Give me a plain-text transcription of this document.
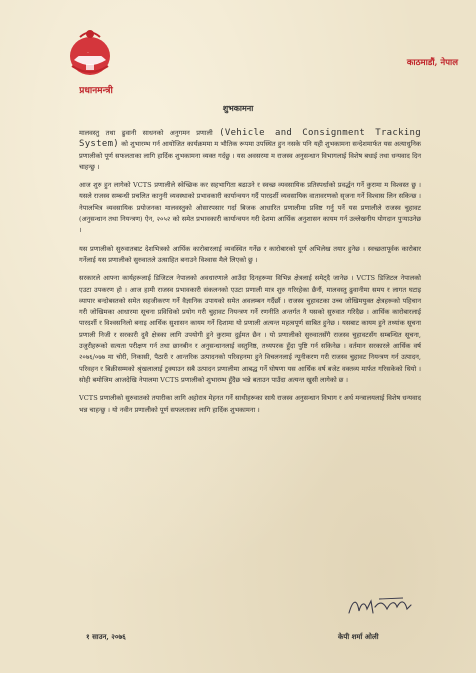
प्रधानमन्त्री
काठमाडौं, नेपाल
शुभकामना

मालवस्तु तथा ढुवानी साधनको अनुगमन प्रणाली (Vehicle and Consignment Tracking System) को शुभारम्भ गर्न आयोजित कार्यक्रममा म भौतिक रूपमा उपस्थित हुन नसके पनि यही शुभकामना सन्देशमार्फत यस अत्याधुनिक प्रणालीको पूर्ण सफलताका लागि हार्दिक शुभकामना व्यक्त गर्दछु । यस अवसरमा म राजस्व अनुसन्धान विभागलाई विशेष बधाई तथा धन्यवाद दिन चाहन्छु ।

आज शुरु हुन लागेको VCTS प्रणालीले स्वेच्छिक कर सहभागिता बढाउने र स्वच्छ व्यवसायिक प्रतिस्पर्धाको प्रवर्द्धन गर्ने कुरामा म विश्वस्त छु । यसले राजस्व सम्बन्धी प्रचलित कानुनी व्यवस्थाको प्रभावकारी कार्यान्वयन गर्दै पारदर्शी व्यवसायिक वातावरणको सृजना गर्ने विश्वास लिन सकिन्छ । नेपालभित्र व्यवसायिक प्रयोजनका मालवस्तुको ओसारपसार गर्दा बिजक आधारित प्रणालीमा प्रविष्ट गर्नु पर्ने यस प्रणालीले राजस्व चुहावट (अनुसन्धान तथा नियन्त्रण) ऐन, २०५२ को समेत प्रभावकारी कार्यान्वयन गरी देशमा आर्थिक अनुशासन कायम गर्न उल्लेखनीय योगदान पुऱ्याउनेछ ।

यस प्रणालीको सुरुवातबाट देशभित्रको आर्थिक कारोबारलाई व्यवस्थित गर्नेछ र कारोबारको पूर्ण अभिलेख तयार हुनेछ । स्वच्छतापूर्वक कारोबार गर्नेलाई यस प्रणालीको सुरुवातले उत्साहित बनाउने विश्वास मैले लिएको छु ।

सरकारले आफ्ना कार्यहरूलाई डिजिटल नेपालको अवधारणाले आउँदा दिनहरूमा विभिन्न क्षेत्रलाई समेट्दै जानेछ । VCTS डिजिटल नेपालको एउटा उपकरण हो । आज हामी राजस्व प्रभावकारी संकलनको एउटा प्रणाली मात्र शुरु गरिरहेका छैनौं, मालवस्तु ढुवानीमा समय र लागत घटाइ व्यापार बन्दोबस्तको समेत सहजीकरण गर्ने वैज्ञानिक उपायको समेत अवलम्बन गर्दैछौं । राजस्व चुहावटका उच्च जोखिमयुक्त क्षेत्रहरूको पहिचान गरी जोखिमका आधारमा सूचना प्रविधिको प्रयोग गरी चुहावट नियन्त्रण गर्ने रणनीति अन्तर्गत नै यसको सुरुवात गरिदैछ । आर्थिक कारोबारलाई पारदर्शी र विश्वसनिलो बनाइ आर्थिक सुशासन कायम गर्ने दिशामा यो प्रणाली अत्यन्त महत्वपूर्ण साबित हुनेछ । यसबाट कायम हुने तथ्यांक सूचना प्रणाली निजी र सरकारी दुवै क्षेत्रका लागि उपयोगी हुने कुरामा दुईमत छैन । यो प्रणालीको सुरुवातसँगै राजस्व चुहावटसँग सम्बन्धित सूचना, उजुरीहरूको सत्यता परीक्षण गर्न तथा छानबीन र अनुसन्धानलाई वस्तुनिष्ठ, तथ्यपरक हुँदा पुष्टि गर्न सकिनेछ । वर्तमान सरकारले आर्थिक वर्ष २०७६/०७७ मा चोरी, निकासी, पैठारी र आन्तरिक उत्पादनको परिवहनमा हुने विचलनलाई न्यूनीकरण गरी राजस्व चुहावट नियन्त्रण गर्न उत्पादन, परिवहन र बिक्रीसम्मको श्रृंखलालाई टुक्याउन सबै उत्पादन प्रणालीमा आबद्ध गर्ने घोषणा यस आर्थिक वर्ष बजेट वक्तव्य मार्फत गरिसकेको थियो । सोही बमोजिम आजदेखि नेपालमा VCTS प्रणालीको शुभारम्भ हुँदैछ भन्ने बताउन पाउँदा अत्यन्त खुसी लागेको छ ।

VCTS प्रणालीको सुरुवातको तयारीका लागि अहोरात्र मेहनत गर्ने साथीहरूका साथै राजस्व अनुसन्धान विभाग र अर्थ मन्त्रालयलाई विशेष धन्यवाद भन्न चाहन्छु । यो नवीन प्रणालीको पूर्ण सफलताका लागि हार्दिक शुभकामना ।

१ साउन, २०७६	केपी शर्मा ओली
